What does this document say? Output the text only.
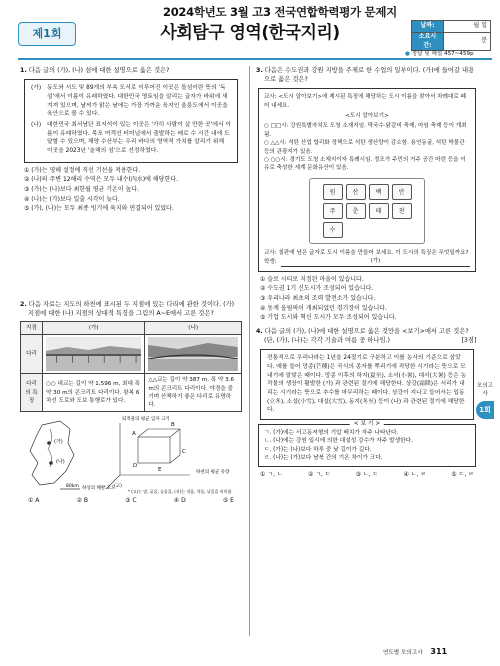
2024학년도 3월 고3 전국연합학력평가 문제지
제1회	사회탐구 영역(한국지리)	날짜:	월 일
소요시간:	분
● 정답 및 해설 457~459p
1. 다음 글의 (가), (나) 섬에 대한 설명으로 옳은 것은?
(가)	동도와 서도 및 89개의 부속 도서로 이루어진 이곳은 돌섬이란 뜻의 '독섬'에서 이름이 유래하였다. 대한민국 영토임을 알리는 글자가 바위에 새겨져 있으며, 날씨가 맑은 날에는 가장 가까운 육지인 울릉도에서 이곳을 육안으로 볼 수 있다.
(나)	대한민국 최서남단 표지석이 있는 이곳은 '가히 사람이 살 만한 곳'에서 이름이 유래하였다. 목포 여객선 터미널에서 출발하는 배로 수 시간 내에 도달할 수 있으며, 해양 수산부는 우리 바다의 영역적 가치를 알리기 위해 이곳을 2023년 '올해의 섬'으로 선정하였다.
① (가)는 영해 설정에 직선 기선을 적용한다.
② (나)의 주변 12해리 수역은 모두 내수(內水)에 해당한다.
③ (가)는 (나)보다 최한월 평균 기온이 높다.
④ (나)는 (가)보다 일출 시각이 늦다.
⑤ (가), (나)는 모두 최종 빙기에 육지와 연결되어 있었다.
2. 다음 자료는 지도의 하천에 표시된 두 지점에 있는 다리에 관한 것이다. (가) 지점에 대한 (나) 지점의 상대적 특징을 그림의 A~E에서 고른 것은?
지점	(가)	(나)
다리	

다리의 특징	○○ 대교는 길이 약 1,596 m, 최대 폭 약 30 m의 콘크리트 다리이다. 왕복 6차선 도로와 도보 통행로가 있다.	△△교는 길이 약 387 m, 폭 약 3.6 m의 콘크리트 다리이다. 야경을 즐기며 산책하기 좋은 다리로 유명하다.
(가)
(나)
80km
A
B
C
D
E
퇴적물의 평균 입자 크기
하천의 평균 유량
하상의 해발 고도
(고)
* (고)는 많, 굵음, 높음을, (저)는 적음, 작음, 낮음을 의미함.
① A	② B	③ C	④ D	⑤ E
3. 다음은 수도권과 강원 지방을 주제로 한 수업의 일부이다. (가)에 들어갈 내용으로 옳은 것은?
교사: <도시 알아보기>에 제시된 특징에 해당하는 도시 이름을 찾아서 차례대로 떼어 내세요.
<도시 알아보기>
○ □□시: 강원특별자치도 도청 소재지임. 막국수·닭갈비 축제, 마임 축제 등이 개최됨.
○ △△시: 석탄 산업 합리화 정책으로 석탄 생산량이 감소함. 용연동굴, 석탄 박물관 등의 관광지가 있음.
○ ○○시: 경기도 도청 소재지이자 특례시임. 정조가 주민의 거주 공간 마련 등을 이유로 축성한 세계 문화유산이 있음.
원	산	백	안
주	춘	태	천
수
교사: 칠판에 남은 글자로 도시 이름을 만들어 보세요. 이 도시의 특징은 무엇일까요?
학생:	(가)
① 슬로 시티로 지정된 마을이 있습니다.
② 수도권 1기 신도시가 조성되어 있습니다.
③ 우리나라 최초의 조력 발전소가 있습니다.
④ 동계 올림픽이 개최되었던 경기장이 있습니다.
⑤ 기업 도시와 혁신 도시가 모두 조성되어 있습니다.
4. 다음 글의 (가), (나)에 대한 설명으로 옳은 것만을 <보기>에서 고른 것은? (단, (가), (나)는 각각 기술과 여름 중 하나임.)	[3점]
전통적으로 우리나라는 1년을 24절기로 구분하고 이를 농사의 기준으로 삼았다. 예를 들어 망종(芒種)은 곡식의 종자를 뿌리기에 적당한 시기라는 뜻으로 모내기에 알맞은 때이다. 망종 이후의 하지(夏至), 소서(小暑), 대서(大暑) 등은 농작물의 생장이 활발한 (가) 과 관련된 절기에 해당한다. 상강(霜降)은 서리가 내리는 시기라는 뜻으로 추수를 마무리하는 때이다. 상강이 지나고 들어서는 입동(立冬), 소설(小雪), 대설(大雪), 동지(冬至) 등이 (나) 과 관련된 절기에 해당한다.
< 보 기 >
ㄱ. (가)에는 서고동저형의 기압 배치가 자주 나타난다.
ㄴ. (나)에는 강원 일시에 의한 대설성 강수가 자주 발생한다.
ㄷ. (가)는 (나)보다 하루 중 낮 길이가 길다.
ㄹ. (나)는 (가)보다 남북 간의 기온 차이가 크다.
① ㄱ, ㄴ	② ㄱ, ㄷ	③ ㄴ, ㄷ	④ ㄴ, ㄹ	⑤ ㄷ, ㄹ
모의고사
1회
연도별 모의고사 311
